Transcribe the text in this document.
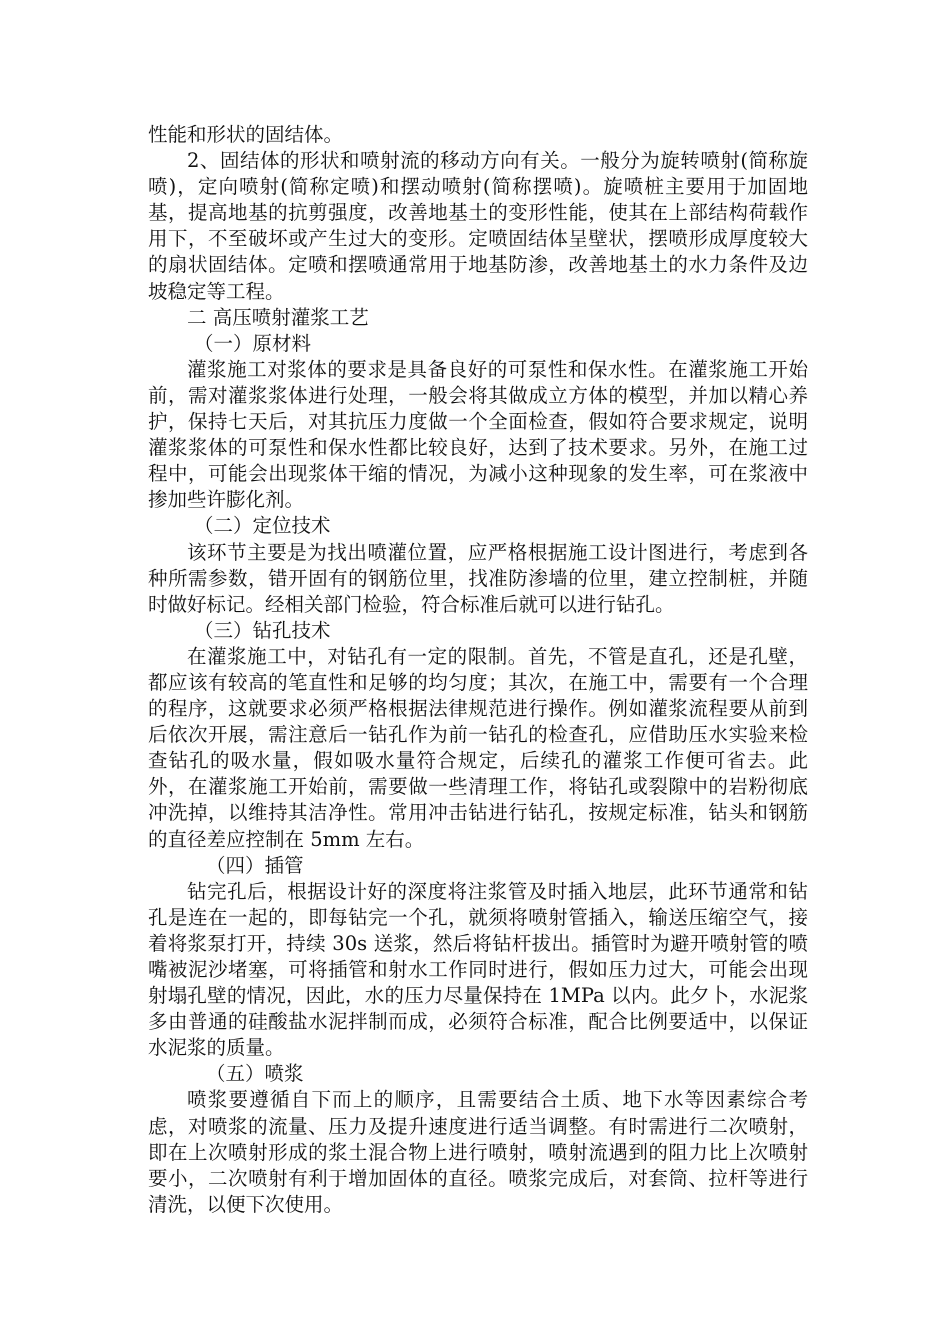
性能和形状的固结体。

2、固结体的形状和喷射流的移动方向有关。一般分为旋转喷射(简称旋喷)，定向喷射(简称定喷)和摆动喷射(简称摆喷)。旋喷桩主要用于加固地基，提高地基的抗剪强度，改善地基土的变形性能，使其在上部结构荷载作用下，不至破坏或产生过大的变形。定喷固结体呈壁状，摆喷形成厚度较大的扇状固结体。定喷和摆喷通常用于地基防渗，改善地基土的水力条件及边坡稳定等工程。

二 高压喷射灌浆工艺

（一）原材料

灌浆施工对浆体的要求是具备良好的可泵性和保水性。在灌浆施工开始前，需对灌浆浆体进行处理，一般会将其做成立方体的模型，并加以精心养护，保持七天后，对其抗压力度做一个全面检查，假如符合要求规定，说明灌浆浆体的可泵性和保水性都比较良好，达到了技术要求。另外，在施工过程中，可能会出现浆体干缩的情况，为减小这种现象的发生率，可在浆液中掺加些许膨化剂。

（二）定位技术

该环节主要是为找出喷灌位置，应严格根据施工设计图进行，考虑到各种所需参数，错开固有的钢筋位里，找准防渗墙的位里，建立控制桩，并随时做好标记。经相关部门检验，符合标准后就可以进行钻孔。

（三）钻孔技术

在灌浆施工中，对钻孔有一定的限制。首先，不管是直孔，还是孔壁，都应该有较高的笔直性和足够的均匀度；其次，在施工中，需要有一个合理的程序，这就要求必须严格根据法律规范进行操作。例如灌浆流程要从前到后依次开展，需注意后一钻孔作为前一钻孔的检查孔，应借助压水实验来检查钻孔的吸水量，假如吸水量符合规定，后续孔的灌浆工作便可省去。此外，在灌浆施工开始前，需要做一些清理工作，将钻孔或裂隙中的岩粉彻底冲洗掉，以维持其洁净性。常用冲击钻进行钻孔，按规定标准，钻头和钢筋的直径差应控制在 5mm 左右。

（四）插管

钻完孔后，根据设计好的深度将注浆管及时插入地层，此环节通常和钻孔是连在一起的，即每钻完一个孔，就须将喷射管插入，输送压缩空气，接着将浆泵打开，持续 30s 送浆，然后将钻杆拔出。插管时为避开喷射管的喷嘴被泥沙堵塞，可将插管和射水工作同时进行，假如压力过大，可能会出现射塌孔壁的情况，因此，水的压力尽量保持在 1MPa 以内。此夕卜，水泥浆多由普通的硅酸盐水泥拌制而成，必须符合标准，配合比例要适中，以保证水泥浆的质量。

（五）喷浆

喷浆要遵循自下而上的顺序，且需要结合土质、地下水等因素综合考虑，对喷浆的流量、压力及提升速度进行适当调整。有时需进行二次喷射，即在上次喷射形成的浆土混合物上进行喷射，喷射流遇到的阻力比上次喷射要小，二次喷射有利于增加固体的直径。喷浆完成后，对套筒、拉杆等进行清洗，以便下次使用。
